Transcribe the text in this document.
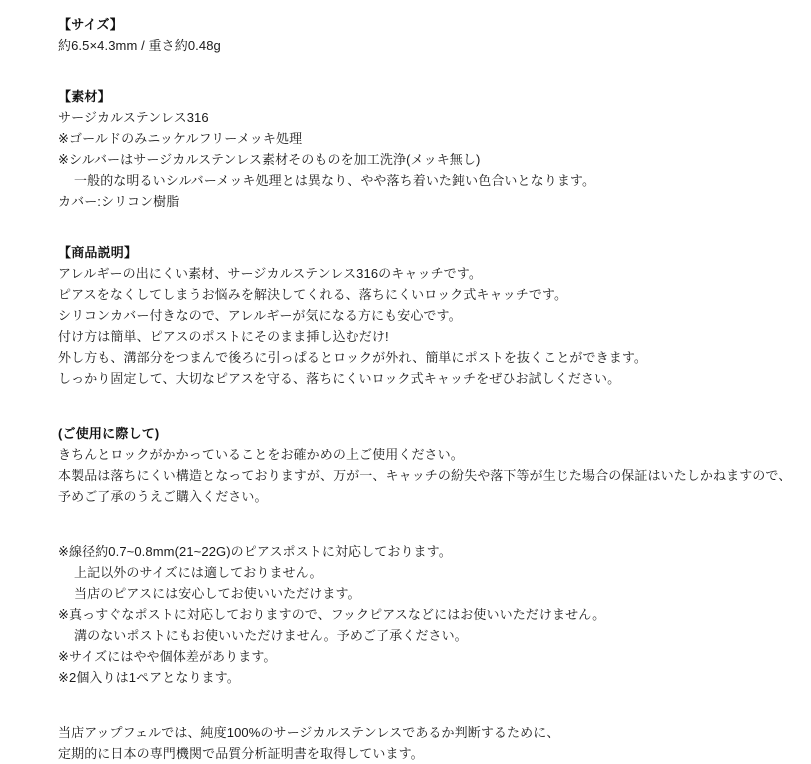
【サイズ】

約6.5×4.3mm / 重さ約0.48g

【素材】

サージカルステンレス316

※ゴールドのみニッケルフリーメッキ処理

※シルバーはサージカルステンレス素材そのものを加工洗浄(メッキ無し)

一般的な明るいシルバーメッキ処理とは異なり、やや落ち着いた鈍い色合いとなります。

カバー:シリコン樹脂

【商品説明】

アレルギーの出にくい素材、サージカルステンレス316のキャッチです。

ピアスをなくしてしまうお悩みを解決してくれる、落ちにくいロック式キャッチです。

シリコンカバー付きなので、アレルギーが気になる方にも安心です。

付け方は簡単、ピアスのポストにそのまま挿し込むだけ!

外し方も、溝部分をつまんで後ろに引っぱるとロックが外れ、簡単にポストを抜くことができます。

しっかり固定して、大切なピアスを守る、落ちにくいロック式キャッチをぜひお試しください。

(ご使用に際して)

きちんとロックがかかっていることをお確かめの上ご使用ください。

本製品は落ちにくい構造となっておりますが、万が一、キャッチの紛失や落下等が生じた場合の保証はいたしかねますので、

予めご了承のうえご購入ください。

※線径約0.7~0.8mm(21~22G)のピアスポストに対応しております。

上記以外のサイズには適しておりません。

当店のピアスには安心してお使いいただけます。

※真っすぐなポストに対応しておりますので、フックピアスなどにはお使いいただけません。

溝のないポストにもお使いいただけません。予めご了承ください。

※サイズにはやや個体差があります。

※2個入りは1ペアとなります。

当店アップフェルでは、純度100%のサージカルステンレスであるか判断するために、

定期的に日本の専門機関で品質分析証明書を取得しています。
